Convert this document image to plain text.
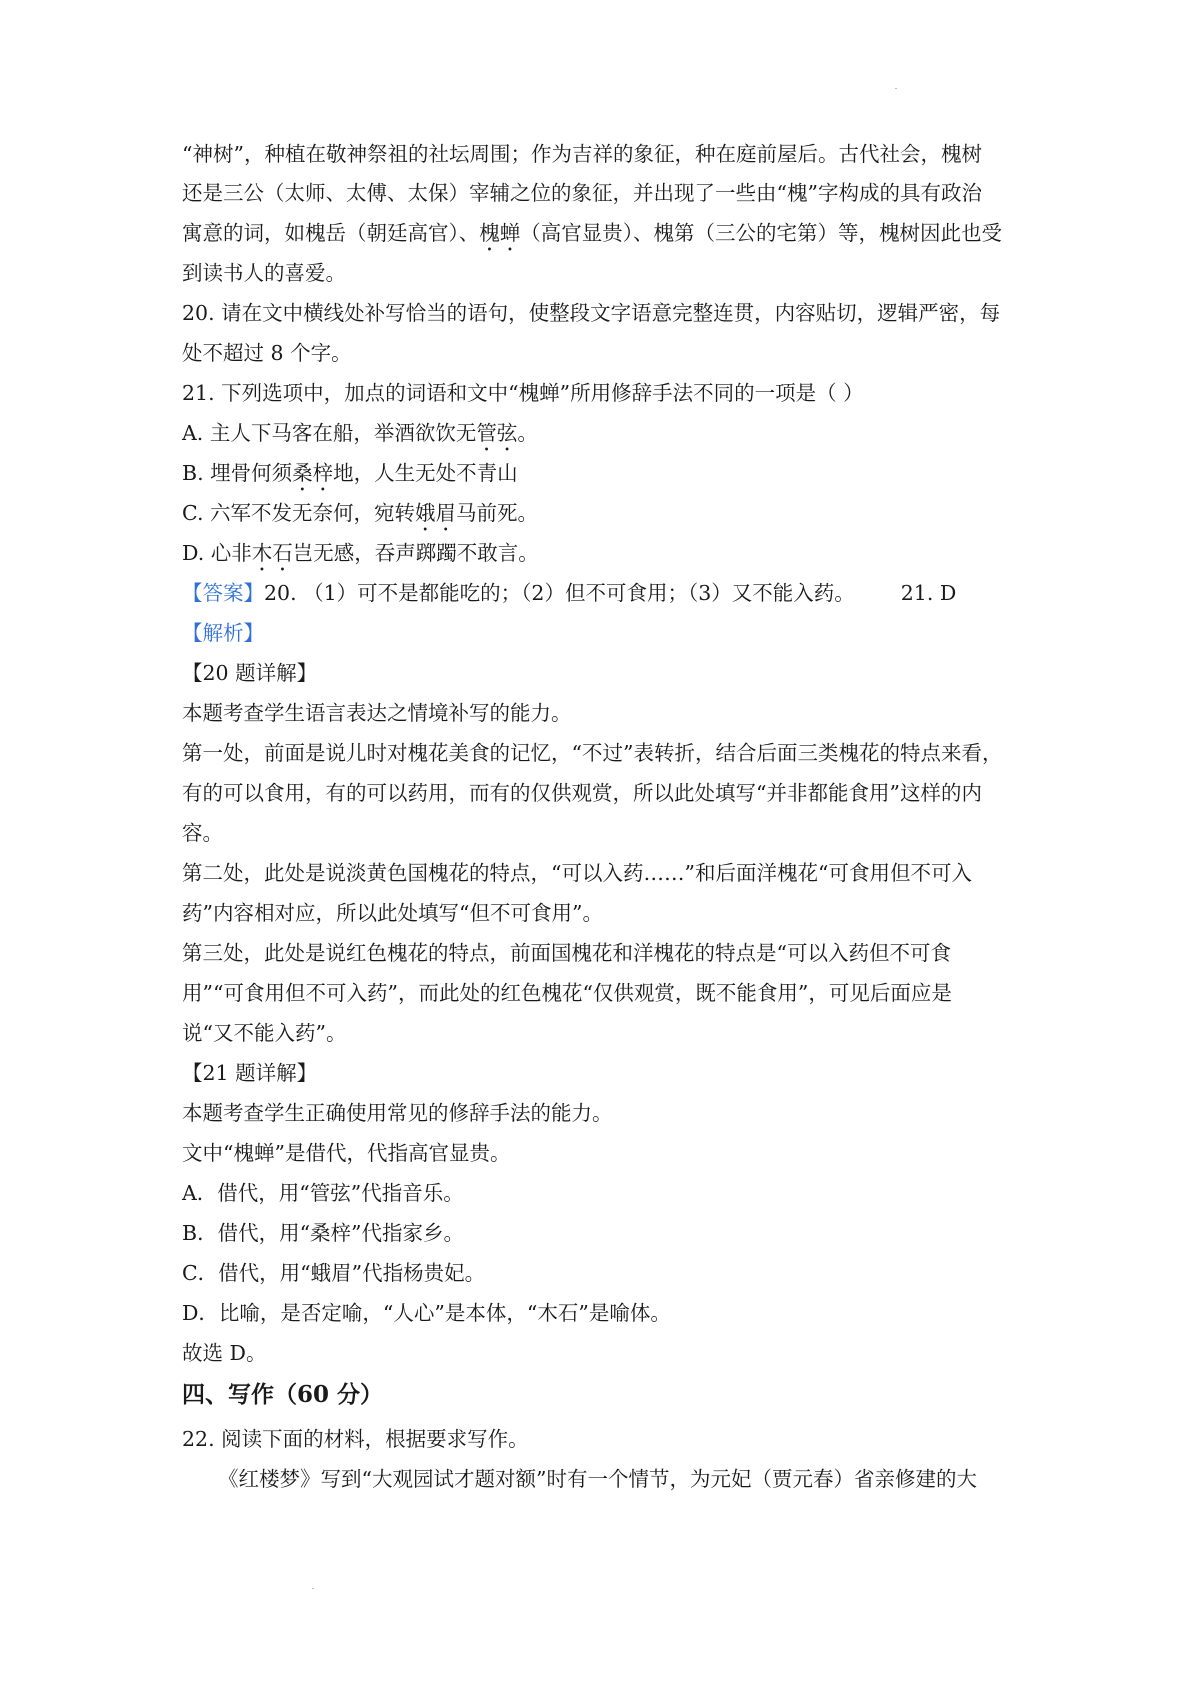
“神树”，种植在敬神祭祖的社坛周围；作为吉祥的象征，种在庭前屋后。古代社会，槐树
还是三公（太师、太傅、太保）宰辅之位的象征，并出现了一些由“槐”字构成的具有政治
寓意的词，如槐岳（朝廷高官）、槐蝉（高官显贵）、槐第（三公的宅第）等，槐树因此也受
到读书人的喜爱。
20. 请在文中横线处补写恰当的语句，使整段文字语意完整连贯，内容贴切，逻辑严密，每
处不超过 8 个字。
21. 下列选项中，加点的词语和文中“槐蝉”所用修辞手法不同的一项是（ ）
A. 主人下马客在船，举酒欲饮无管弦。
B. 埋骨何须桑梓地，人生无处不青山
C. 六军不发无奈何，宛转娥眉马前死。
D. 心非木石岂无感，吞声踯躅不敢言。
【答案】20. （1）可不是都能吃的；（2）但不可食用；（3）又不能入药。 21. D
【解析】
【20 题详解】
本题考查学生语言表达之情境补写的能力。
第一处，前面是说儿时对槐花美食的记忆，“不过”表转折，结合后面三类槐花的特点来看，
有的可以食用，有的可以药用，而有的仅供观赏，所以此处填写“并非都能食用”这样的内
容。
第二处，此处是说淡黄色国槐花的特点，“可以入药……”和后面洋槐花“可食用但不可入
药”内容相对应，所以此处填写“但不可食用”。
第三处，此处是说红色槐花的特点，前面国槐花和洋槐花的特点是“可以入药但不可食
用”“可食用但不可入药”，而此处的红色槐花“仅供观赏，既不能食用”，可见后面应是
说“又不能入药”。
【21 题详解】
本题考查学生正确使用常见的修辞手法的能力。
文中“槐蝉”是借代，代指高官显贵。
A．借代，用“管弦”代指音乐。
B．借代，用“桑梓”代指家乡。
C．借代，用“蛾眉”代指杨贵妃。
D．比喻，是否定喻，“人心”是本体，“木石”是喻体。
故选 D。
四、写作（60 分）
22. 阅读下面的材料，根据要求写作。
《红楼梦》写到“大观园试才题对额”时有一个情节，为元妃（贾元春）省亲修建的大
